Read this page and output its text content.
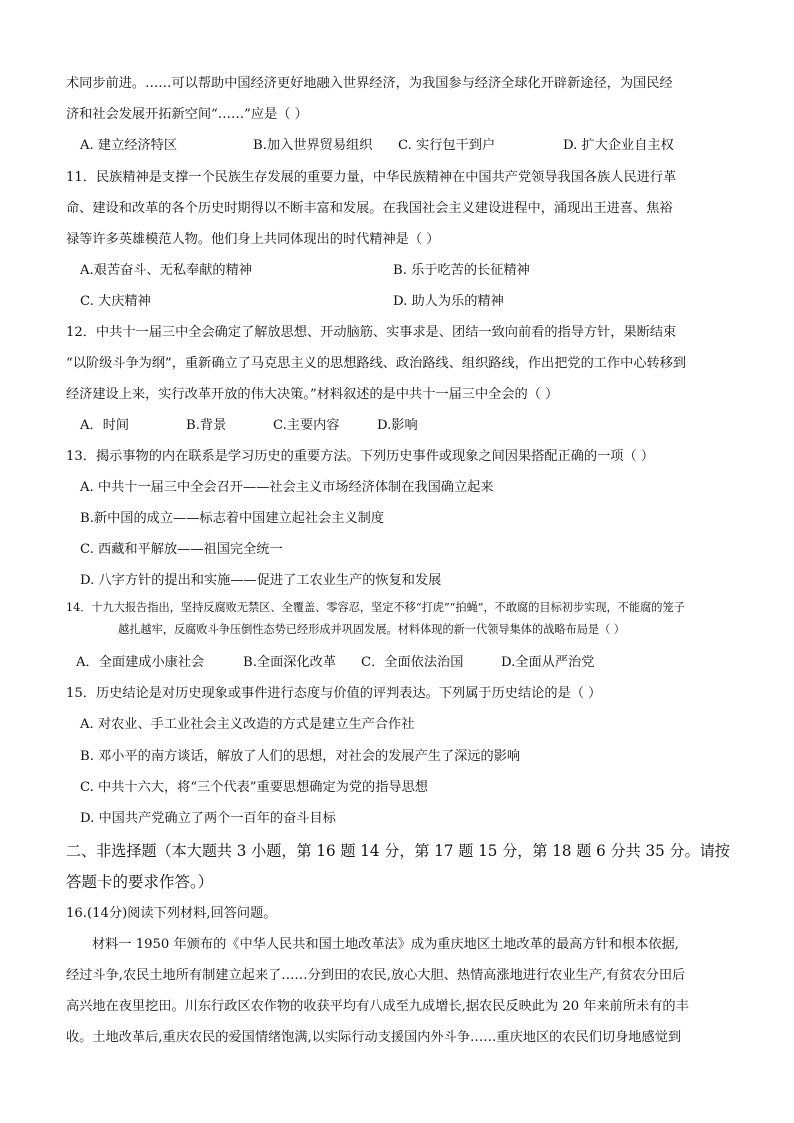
术同步前进。……可以帮助中国经济更好地融入世界经济，为我国参与经济全球化开辟新途径，为国民经
济和社会发展开拓新空间“……”应是（ ）
A. 建立经济特区	B.加入世界贸易组织 C. 实行包干到户	D. 扩大企业自主权
11．民族精神是支撑一个民族生存发展的重要力量，中华民族精神在中国共产党领导我国各族人民进行革
命、建设和改革的各个历史时期得以不断丰富和发展。在我国社会主义建设进程中，涌现出王进喜、焦裕
禄等许多英雄模范人物。他们身上共同体现出的时代精神是（ ）
A.艰苦奋斗、无私奉献的精神	B. 乐于吃苦的长征精神
C. 大庆精神	D. 助人为乐的精神
12．中共十一届三中全会确定了解放思想、开动脑筋、实事求是、团结一致向前看的指导方针，果断结束
“以阶级斗争为纲”，重新确立了马克思主义的思想路线、政治路线、组织路线，作出把党的工作中心转移到
经济建设上来，实行改革开放的伟大决策。”材料叙述的是中共十一届三中全会的（ ）
A．时间	B.背景	C.主要内容	D.影响
13．揭示事物的内在联系是学习历史的重要方法。下列历史事件或现象之间因果搭配正确的一项（ ）
A. 中共十一届三中全会召开——社会主义市场经济体制在我国确立起来
B.新中国的成立——标志着中国建立起社会主义制度
C. 西藏和平解放——祖国完全统一
D. 八字方针的提出和实施——促进了工农业生产的恢复和发展
14．十九大报告指出，坚持反腐败无禁区、全覆盖、零容忍，坚定不移“打虎”“拍蝇”，不敢腐的目标初步实现，不能腐的笼子
越扎越牢，反腐败斗争压倒性态势已经形成并巩固发展。材料体现的新一代领导集体的战略布局是（ ）
A．全面建成小康社会	B.全面深化改革 C．全面依法治国	D.全面从严治党
15．历史结论是对历史现象或事件进行态度与价值的评判表达。下列属于历史结论的是（ ）
A. 对农业、手工业社会主义改造的方式是建立生产合作社
B. 邓小平的南方谈话，解放了人们的思想，对社会的发展产生了深远的影响
C. 中共十六大，将“三个代表”重要思想确定为党的指导思想
D. 中国共产党确立了两个一百年的奋斗目标
二、非选择题（本大题共 3 小题，第 16 题 14 分，第 17 题 15 分，第 18 题 6 分共 35 分。请按
答题卡的要求作答。）
16.(14分)阅读下列材料,回答问题。
材料一 1950 年颁布的《中华人民共和国土地改革法》成为重庆地区土地改革的最高方针和根本依据,
经过斗争,农民土地所有制建立起来了……分到田的农民,放心大胆、热情高涨地进行农业生产,有贫农分田后
高兴地在夜里挖田。川东行政区农作物的收获平均有八成至九成增长,据农民反映此为 20 年来前所未有的丰
收。土地改革后,重庆农民的爱国情绪饱满,以实际行动支援国内外斗争……重庆地区的农民们切身地感觉到
